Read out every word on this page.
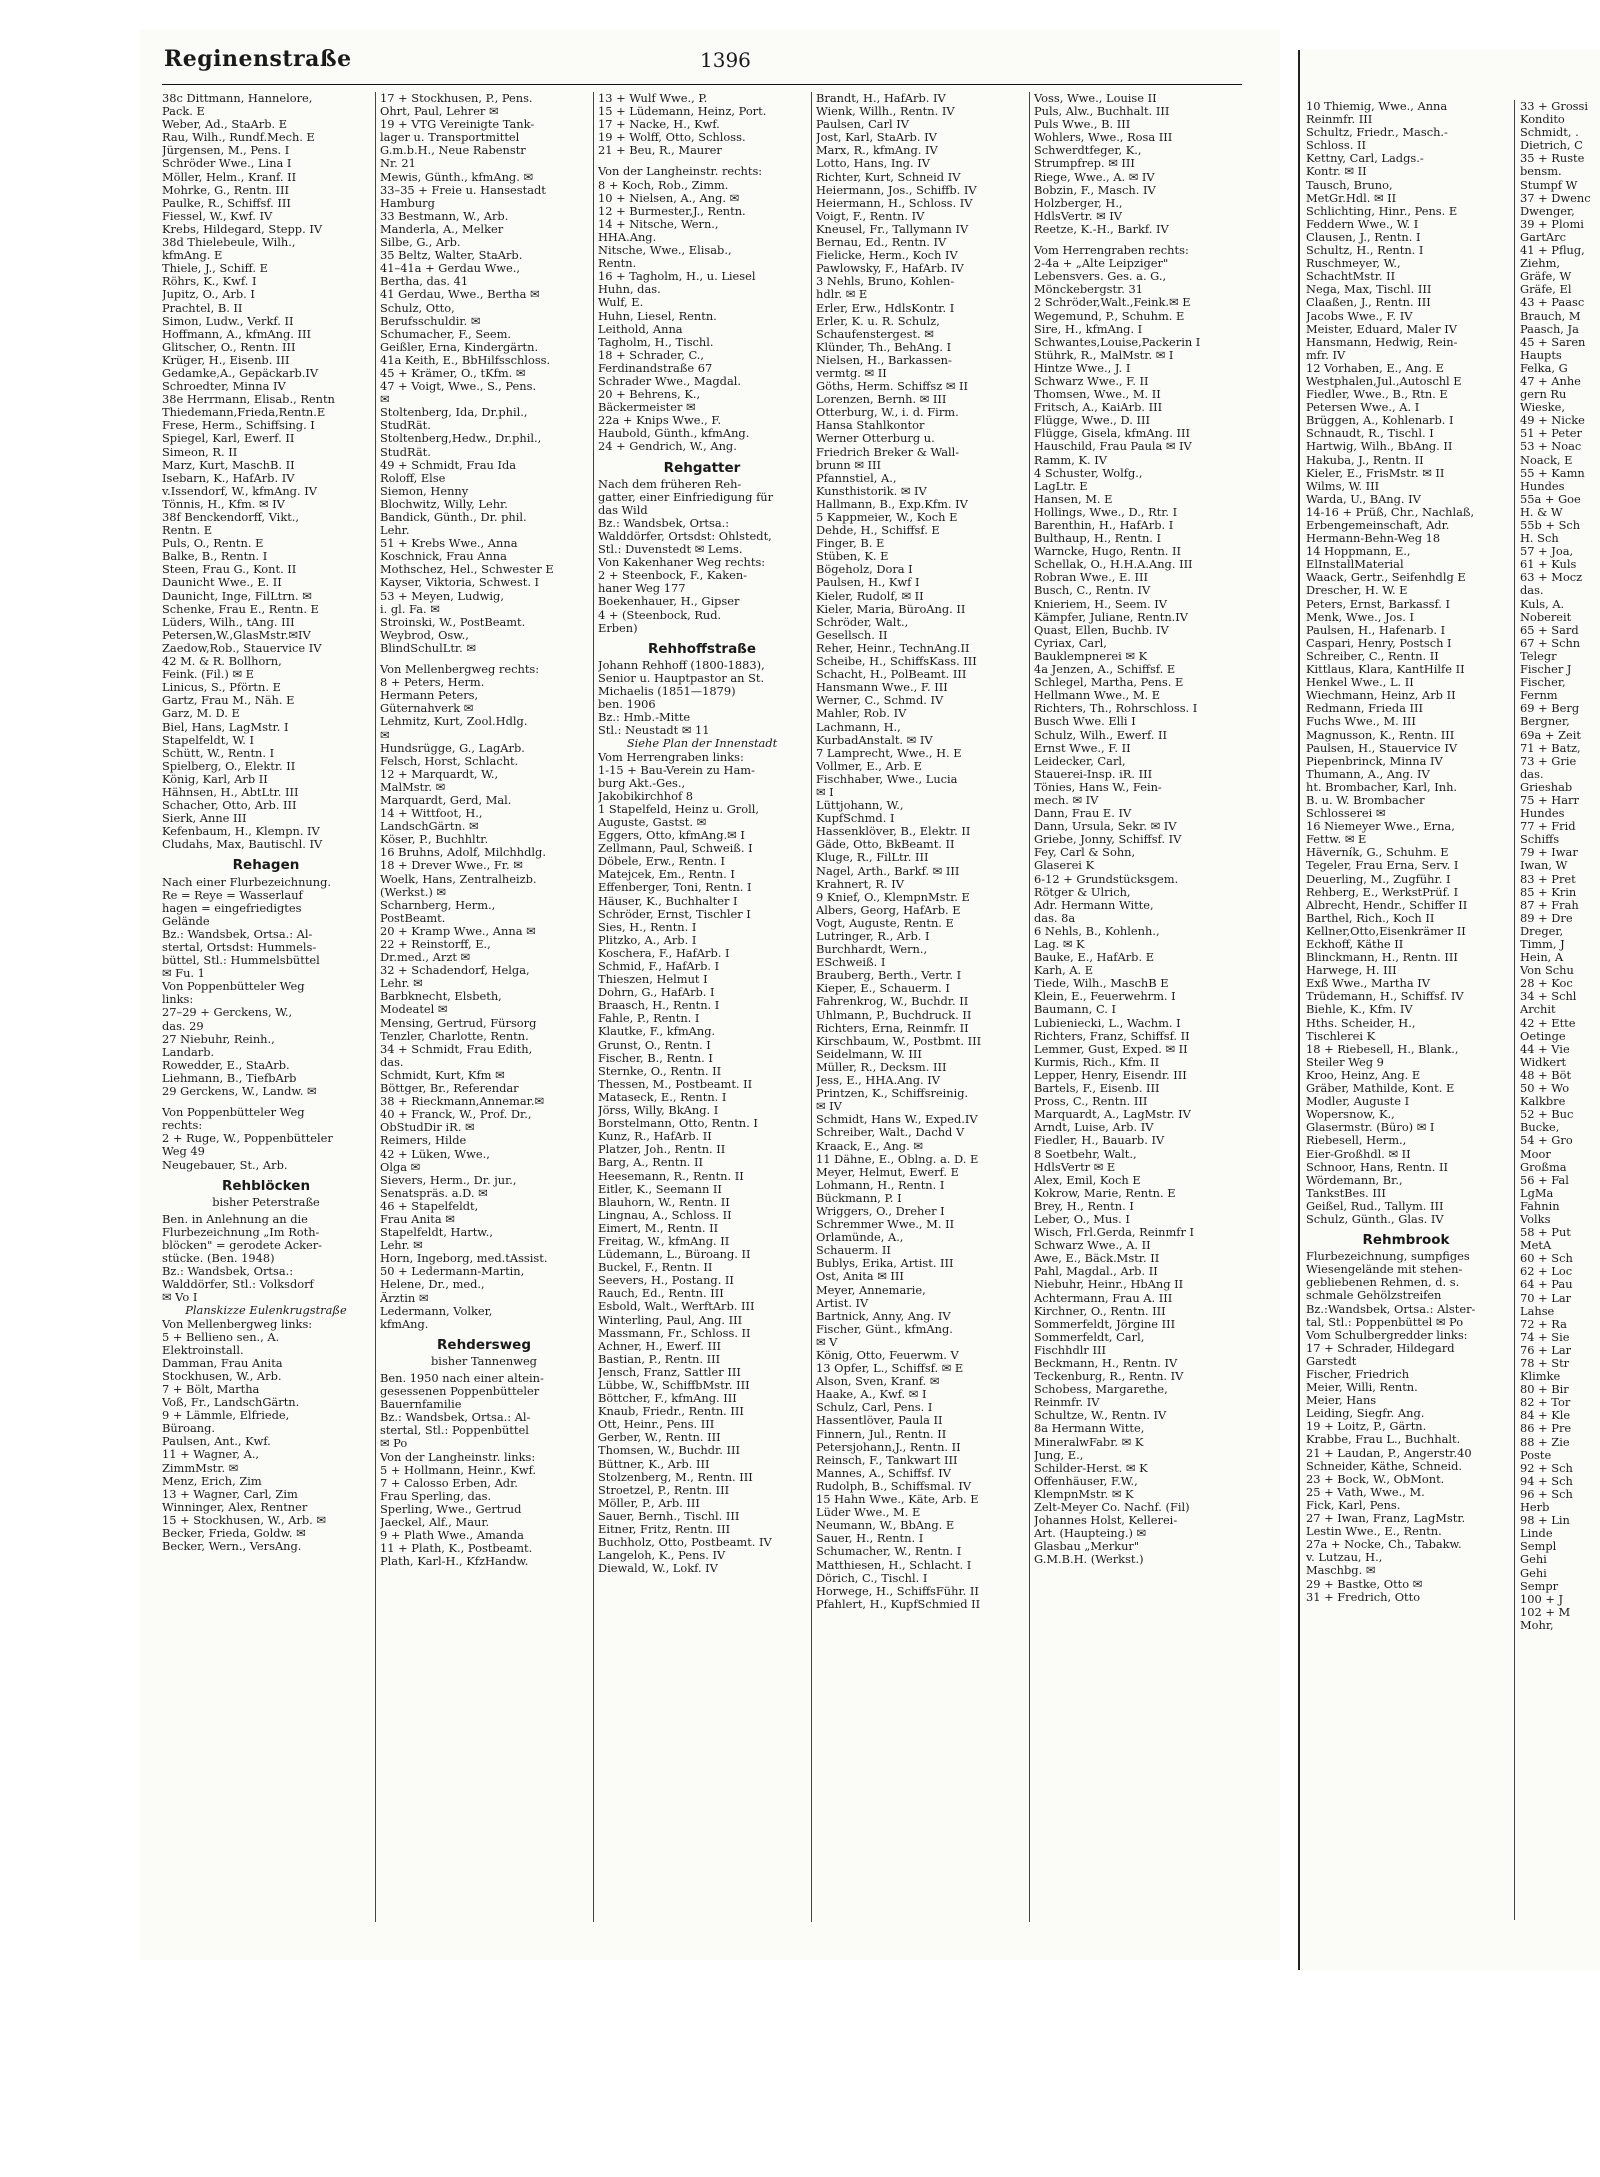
Reginenstraße	1396
38c Dittmann, Hannelore,
Pack. E
Weber, Ad., StaArb. E
Rau, Wilh., Rundf.Mech. E
Jürgensen, M., Pens. I
Schröder Wwe., Lina I
Möller, Helm., Kranf. II
Mohrke, G., Rentn. III
Paulke, R., Schiffsf. III
Fiessel, W., Kwf. IV
Krebs, Hildegard, Stepp. IV
38d Thielebeule, Wilh.,
kfmAng. E
Thiele, J., Schiff. E
Röhrs, K., Kwf. I
Jupitz, O., Arb. I
Prachtel, B. II
Simon, Ludw., Verkf. II
Hoffmann, A., kfmAng. III
Glitscher, O., Rentn. III
Krüger, H., Eisenb. III
Gedamke,A., Gepäckarb.IV
Schroedter, Minna IV
38e Herrmann, Elisab., Rentn
Thiedemann,Frieda,Rentn.E
Frese, Herm., Schiffsing. I
Spiegel, Karl, Ewerf. II
Simeon, R. II
Marz, Kurt, MaschB. II
Isebarn, K., HafArb. IV
v.Issendorf, W., kfmAng. IV
Tönnis, H., Kfm. ✉ IV
38f Benckendorff, Vikt.,
Rentn. E
Puls, O., Rentn. E
Balke, B., Rentn. I
Steen, Frau G., Kont. II
Daunicht Wwe., E. II
Daunicht, Inge, FilLtrn. ✉
Schenke, Frau E., Rentn. E
Lüders, Wilh., tAng. III
Petersen,W.,GlasMstr.✉IV
Zaedow,Rob., Stauervice IV
42 M. & R. Bollhorn,
Feink. (Fil.) ✉ E
Linicus, S., Pförtn. E
Gartz, Frau M., Näh. E
Garz, M. D. E
Biel, Hans, LagMstr. I
Stapelfeldt, W. I
Schütt, W., Rentn. I
Spielberg, O., Elektr. II
König, Karl, Arb II
Hähnsen, H., AbtLtr. III
Schacher, Otto, Arb. III
Sierk, Anne III
Kefenbaum, H., Klempn. IV
Cludahs, Max, Bautischl. IV
Rehagen
Nach einer Flurbezeichnung.
Re = Reye = Wasserlauf
hagen = eingefriedigtes
Gelände
Bz.: Wandsbek, Ortsa.: Al-
stertal, Ortsdst: Hummels-
büttel, Stl.: Hummelsbüttel
✉ Fu. 1
Von Poppenbütteler Weg
links:
27–29 + Gerckens, W.,
das. 29
27 Niebuhr, Reinh.,
Landarb.
Rowedder, E., StaArb.
Liehmann, B., TiefbArb
29 Gerckens, W., Landw. ✉
Von Poppenbütteler Weg
rechts:
2 + Ruge, W., Poppenbütteler
Weg 49
Neugebauer, St., Arb.
Rehblöcken
bisher Peterstraße
Ben. in Anlehnung an die
Flurbezeichnung „Im Roth-
blöcken" = gerodete Acker-
stücke. (Ben. 1948)
Bz.: Wandsbek, Ortsa.:
Walddörfer, Stl.: Volksdorf
✉ Vo I
Planskizze Eulenkrugstraße
Von Mellenbergweg links:
5 + Bellieno sen., A.
Elektroinstall.
Damman, Frau Anita
Stockhusen, W., Arb.
7 + Bölt, Martha
Voß, Fr., LandschGärtn.
9 + Lämmle, Elfriede,
Büroang.
Paulsen, Ant., Kwf.
11 + Wagner, A.,
ZimmMstr. ✉
Menz, Erich, Zim
13 + Wagner, Carl, Zim
Winninger, Alex, Rentner
15 + Stockhusen, W., Arb. ✉
Becker, Frieda, Goldw. ✉
Becker, Wern., VersAng.
17 + Stockhusen, P., Pens.
Ohrt, Paul, Lehrer ✉
19 + VTG Vereinigte Tank-
lager u. Transportmittel
G.m.b.H., Neue Rabenstr
Nr. 21
Mewis, Günth., kfmAng. ✉
33–35 + Freie u. Hansestadt
Hamburg
33 Bestmann, W., Arb.
Manderla, A., Melker
Silbe, G., Arb.
35 Beltz, Walter, StaArb.
41–41a + Gerdau Wwe.,
Bertha, das. 41
41 Gerdau, Wwe., Bertha ✉
Schulz, Otto,
Berufsschuldir. ✉
Schumacher, F., Seem.
Geißler, Erna, Kindergärtn.
41a Keith, E., BbHilfsschloss.
45 + Krämer, O., tKfm. ✉
47 + Voigt, Wwe., S., Pens.
✉
Stoltenberg, Ida, Dr.phil.,
StudRät.
Stoltenberg,Hedw., Dr.phil.,
StudRät.
49 + Schmidt, Frau Ida
Roloff, Else
Siemon, Henny
Blochwitz, Willy, Lehr.
Bandick, Günth., Dr. phil.
Lehr.
51 + Krebs Wwe., Anna
Koschnick, Frau Anna
Mothschez, Hel., Schwester E
Kayser, Viktoria, Schwest. I
53 + Meyen, Ludwig,
i. gl. Fa. ✉
Stroinski, W., PostBeamt.
Weybrod, Osw.,
BlindSchulLtr. ✉
Von Mellenbergweg rechts:
8 + Peters, Herm.
Hermann Peters,
Güternahverk ✉
Lehmitz, Kurt, Zool.Hdlg.
✉
Hundsrügge, G., LagArb.
Felsch, Horst, Schlacht.
12 + Marquardt, W.,
MalMstr. ✉
Marquardt, Gerd, Mal.
14 + Wittfoot, H.,
LandschGärtn. ✉
Köser, P., Buchhltr.
16 Bruhns, Adolf, Milchhdlg.
18 + Drever Wwe., Fr. ✉
Woelk, Hans, Zentralheizb.
(Werkst.) ✉
Scharnberg, Herm.,
PostBeamt.
20 + Kramp Wwe., Anna ✉
22 + Reinstorff, E.,
Dr.med., Arzt ✉
32 + Schadendorf, Helga,
Lehr. ✉
Barbknecht, Elsbeth,
Modeatel ✉
Mensing, Gertrud, Fürsorg
Tenzler, Charlotte, Rentn.
34 + Schmidt, Frau Edith,
das.
Schmidt, Kurt, Kfm ✉
Böttger, Br., Referendar
38 + Rieckmann,Annemar.✉
40 + Franck, W., Prof. Dr.,
ObStudDir iR. ✉
Reimers, Hilde
42 + Lüken, Wwe.,
Olga ✉
Sievers, Herm., Dr. jur.,
Senatspräs. a.D. ✉
46 + Stapelfeldt,
Frau Anita ✉
Stapelfeldt, Hartw.,
Lehr. ✉
Horn, Ingeborg, med.tAssist.
50 + Ledermann-Martin,
Helene, Dr., med.,
Ärztin ✉
Ledermann, Volker,
kfmAng.
Rehdersweg
bisher Tannenweg
Ben. 1950 nach einer altein-
gesessenen Poppenbütteler
Bauernfamilie
Bz.: Wandsbek, Ortsa.: Al-
stertal, Stl.: Poppenbüttel
✉ Po
Von der Langheinstr. links:
5 + Hollmann, Heinr., Kwf.
7 + Calosso Erben, Adr.
Frau Sperling, das.
Sperling, Wwe., Gertrud
Jaeckel, Alf., Maur.
9 + Plath Wwe., Amanda
11 + Plath, K., Postbeamt.
Plath, Karl-H., KfzHandw.
13 + Wulf Wwe., P.
15 + Lüdemann, Heinz, Port.
17 + Nacke, H., Kwf.
19 + Wolff, Otto, Schloss.
21 + Beu, R., Maurer
Von der Langheinstr. rechts:
8 + Koch, Rob., Zimm.
10 + Nielsen, A., Ang. ✉
12 + Burmester,J., Rentn.
14 + Nitsche, Wern.,
HHA.Ang.
Nitsche, Wwe., Elisab.,
Rentn.
16 + Tagholm, H., u. Liesel
Huhn, das.
Wulf, E.
Huhn, Liesel, Rentn.
Leithold, Anna
Tagholm, H., Tischl.
18 + Schrader, C.,
Ferdinandstraße 67
Schrader Wwe., Magdal.
20 + Behrens, K.,
Bäckermeister ✉
22a + Knips Wwe., F.
Haubold, Günth., kfmAng.
24 + Gendrich, W., Ang.
Rehgatter
Nach dem früheren Reh-
gatter, einer Einfriedigung für
das Wild
Bz.: Wandsbek, Ortsa.:
Walddörfer, Ortsdst: Ohlstedt,
Stl.: Duvenstedt ✉ Lems.
Von Kakenhaner Weg rechts:
2 + Steenbock, F., Kaken-
haner Weg 177
Boekenhauer, H., Gipser
4 + (Steenbock, Rud.
Erben)
Rehhoffstraße
Johann Rehhoff (1800-1883),
Senior u. Hauptpastor an St.
Michaelis (1851—1879)
ben. 1906
Bz.: Hmb.-Mitte
Stl.: Neustadt ✉ 11
Siehe Plan der Innenstadt
Vom Herrengraben links:
1-15 + Bau-Verein zu Ham-
burg Akt.-Ges.,
Jakobikirchhof 8
1 Stapelfeld, Heinz u. Groll,
Auguste, Gastst. ✉
Eggers, Otto, kfmAng.✉ I
Zellmann, Paul, Schweiß. I
Döbele, Erw., Rentn. I
Matejcek, Em., Rentn. I
Effenberger, Toni, Rentn. I
Häuser, K., Buchhalter I
Schröder, Ernst, Tischler I
Sies, H., Rentn. I
Plitzko, A., Arb. I
Koschera, F., HafArb. I
Schmid, F., HafArb. I
Thieszen, Helmut I
Dohrn, G., HafArb. I
Braasch, H., Rentn. I
Fahle, P., Rentn. I
Klautke, F., kfmAng.
Grunst, O., Rentn. I
Fischer, B., Rentn. I
Sternke, O., Rentn. II
Thessen, M., Postbeamt. II
Mataseck, E., Rentn. I
Jörss, Willy, BkAng. I
Borstelmann, Otto, Rentn. I
Kunz, R., HafArb. II
Platzer, Joh., Rentn. II
Barg, A., Rentn. II
Heesemann, R., Rentn. II
Eitler, K., Seemann II
Blauhorn, W., Rentn. II
Lingnau, A., Schloss. II
Eimert, M., Rentn. II
Freitag, W., kfmAng. II
Lüdemann, L., Büroang. II
Buckel, F., Rentn. II
Seevers, H., Postang. II
Rauch, Ed., Rentn. III
Esbold, Walt., WerftArb. III
Winterling, Paul, Ang. III
Massmann, Fr., Schloss. II
Achner, H., Ewerf. III
Bastian, P., Rentn. III
Jensch, Franz, Sattler III
Lübbe, W., SchiffbMstr. III
Böttcher, F., kfmAng. III
Knaub, Friedr., Rentn. III
Ott, Heinr., Pens. III
Gerber, W., Rentn. III
Thomsen, W., Buchdr. III
Büttner, K., Arb. III
Stolzenberg, M., Rentn. III
Stroetzel, P., Rentn. III
Möller, P., Arb. III
Sauer, Bernh., Tischl. III
Eitner, Fritz, Rentn. III
Buchholz, Otto, Postbeamt. IV
Langeloh, K., Pens. IV
Diewald, W., Lokf. IV
Brandt, H., HafArb. IV
Wienk, Willh., Rentn. IV
Paulsen, Carl IV
Jost, Karl, StaArb. IV
Marx, R., kfmAng. IV
Lotto, Hans, Ing. IV
Richter, Kurt, Schneid IV
Heiermann, Jos., Schiffb. IV
Heiermann, H., Schloss. IV
Voigt, F., Rentn. IV
Kneusel, Fr., Tallymann IV
Bernau, Ed., Rentn. IV
Fielicke, Herm., Koch IV
Pawlowsky, F., HafArb. IV
3 Nehls, Bruno, Kohlen-
hdlr. ✉ E
Erler, Erw., HdlsKontr. I
Erler, K. u. R. Schulz,
Schaufenstergest. ✉
Klünder, Th., BehAng. I
Nielsen, H., Barkassen-
vermtg. ✉ II
Göths, Herm. Schiffsz ✉ II
Lorenzen, Bernh. ✉ III
Otterburg, W., i. d. Firm.
Hansa Stahlkontor
Werner Otterburg u.
Friedrich Breker & Wall-
brunn ✉ III
Pfannstiel, A.,
Kunsthistorik. ✉ IV
Hallmann, B., Exp.Kfm. IV
5 Kappmeier, W., Koch E
Dehde, H., Schiffsf. E
Finger, B. E
Stüben, K. E
Bögeholz, Dora I
Paulsen, H., Kwf I
Kieler, Rudolf, ✉ II
Kieler, Maria, BüroAng. II
Schröder, Walt.,
Gesellsch. II
Reher, Heinr., TechnAng.II
Scheibe, H., SchiffsKass. III
Schacht, H., PolBeamt. III
Hansmann Wwe., F. III
Werner, C., Schmd. IV
Mahler, Rob. IV
Lachmann, H.,
KurbadAnstalt. ✉ IV
7 Lamprecht, Wwe., H. E
Vollmer, E., Arb. E
Fischhaber, Wwe., Lucia
✉ I
Lüttjohann, W.,
KupfSchmd. I
Hassenklöver, B., Elektr. II
Gäde, Otto, BkBeamt. II
Kluge, R., FilLtr. III
Nagel, Arth., Barkf. ✉ III
Krahnert, R. IV
9 Knief, O., KlempnMstr. E
Albers, Georg, HafArb. E
Vogt, Auguste, Rentn. E
Lutringer, R., Arb. I
Burchhardt, Wern.,
ESchweiß. I
Brauberg, Berth., Vertr. I
Kieper, E., Schauerm. I
Fahrenkrog, W., Buchdr. II
Uhlmann, P., Buchdruck. II
Richters, Erna, Reinmfr. II
Kirschbaum, W., Postbmt. III
Seidelmann, W. III
Müller, R., Decksm. III
Jess, E., HHA.Ang. IV
Printzen, K., Schiffsreinig.
✉ IV
Schmidt, Hans W., Exped.IV
Schreiber, Walt., Dachd V
Kraack, E., Ang. ✉
11 Dähne, E., Oblng. a. D. E
Meyer, Helmut, Ewerf. E
Lohmann, H., Rentn. I
Bückmann, P. I
Wriggers, O., Dreher I
Schremmer Wwe., M. II
Orlamünde, A.,
Schauerm. II
Bublys, Erika, Artist. III
Ost, Anita ✉ III
Meyer, Annemarie,
Artist. IV
Bartnick, Anny, Ang. IV
Fischer, Günt., kfmAng.
✉ V
König, Otto, Feuerwm. V
13 Opfer, L., Schiffsf. ✉ E
Alson, Sven, Kranf. ✉
Haake, A., Kwf. ✉ I
Schulz, Carl, Pens. I
Hassentlöver, Paula II
Finnern, Jul., Rentn. II
Petersjohann,J., Rentn. II
Reinsch, F., Tankwart III
Mannes, A., Schiffsf. IV
Rudolph, B., Schiffsmal. IV
15 Hahn Wwe., Käte, Arb. E
Lüder Wwe., M. E
Neumann, W., BbAng. E
Sauer, H., Rentn. I
Schumacher, W., Rentn. I
Matthiesen, H., Schlacht. I
Dörich, C., Tischl. I
Horwege, H., SchiffsFühr. II
Pfahlert, H., KupfSchmied II
Voss, Wwe., Louise II
Puls, Alw., Buchhalt. III
Puls Wwe., B. III
Wohlers, Wwe., Rosa III
Schwerdtfeger, K.,
Strumpfrep. ✉ III
Riege, Wwe., A. ✉ IV
Bobzin, F., Masch. IV
Holzberger, H.,
HdlsVertr. ✉ IV
Reetze, K.-H., Barkf. IV
Vom Herrengraben rechts:
2-4a + „Alte Leipziger"
Lebensvers. Ges. a. G.,
Mönckebergstr. 31
2 Schröder,Walt.,Feink.✉ E
Wegemund, P., Schuhm. E
Sire, H., kfmAng. I
Schwantes,Louise,Packerin I
Stührk, R., MalMstr. ✉ I
Hintze Wwe., J. I
Schwarz Wwe., F. II
Thomsen, Wwe., M. II
Fritsch, A., KaiArb. III
Flügge, Wwe., D. III
Flügge, Gisela, kfmAng. III
Hauschild, Frau Paula ✉ IV
Ramm, K. IV
4 Schuster, Wolfg.,
LagLtr. E
Hansen, M. E
Hollings, Wwe., D., Rtr. I
Barenthin, H., HafArb. I
Bulthaup, H., Rentn. I
Warncke, Hugo, Rentn. II
Schellak, O., H.H.A.Ang. III
Robran Wwe., E. III
Busch, C., Rentn. IV
Knieriem, H., Seem. IV
Kämpfer, Juliane, Rentn.IV
Quast, Ellen, Buchb. IV
Cyriax, Carl,
Bauklempnerei ✉ K
4a Jenzen, A., Schiffsf. E
Schlegel, Martha, Pens. E
Hellmann Wwe., M. E
Richters, Th., Rohrschloss. I
Busch Wwe. Elli I
Schulz, Wilh., Ewerf. II
Ernst Wwe., F. II
Leidecker, Carl,
Stauerei-Insp. iR. III
Tönies, Hans W., Fein-
mech. ✉ IV
Dann, Frau E. IV
Dann, Ursula, Sekr. ✉ IV
Griebe, Jonny, Schiffsf. IV
Fey, Carl & Sohn,
Glaserei K
6-12 + Grundstücksgem.
Rötger & Ulrich,
Adr. Hermann Witte,
das. 8a
6 Nehls, B., Kohlenh.,
Lag. ✉ K
Bauke, E., HafArb. E
Karh, A. E
Tiede, Wilh., MaschB E
Klein, E., Feuerwehrm. I
Baumann, C. I
Lubieniecki, L., Wachm. I
Richters, Franz, Schiffsf. II
Lemmer, Gust, Exped. ✉ II
Kurmis, Rich., Kfm. II
Lepper, Henry, Eisendr. III
Bartels, F., Eisenb. III
Pross, C., Rentn. III
Marquardt, A., LagMstr. IV
Arndt, Luise, Arb. IV
Fiedler, H., Bauarb. IV
8 Soetbehr, Walt.,
HdlsVertr ✉ E
Alex, Emil, Koch E
Kokrow, Marie, Rentn. E
Brey, H., Rentn. I
Leber, O., Mus. I
Wisch, Frl.Gerda, Reinmfr I
Schwarz Wwe., A. II
Awe, E., Bäck.Mstr. II
Pahl, Magdal., Arb. II
Niebuhr, Heinr., HbAng II
Achtermann, Frau A. III
Kirchner, O., Rentn. III
Sommerfeldt, Jörgine III
Sommerfeldt, Carl,
Fischhdlr III
Beckmann, H., Rentn. IV
Teckenburg, R., Rentn. IV
Schobess, Margarethe,
Reinmfr. IV
Schultze, W., Rentn. IV
8a Hermann Witte,
MineralwFabr. ✉ K
Jung, E.,
Schilder-Herst. ✉ K
Offenhäuser, F.W.,
KlempnMstr. ✉ K
Zelt-Meyer Co. Nachf. (Fil)
Johannes Holst, Kellerei-
Art. (Haupteing.) ✉
Glasbau „Merkur"
G.M.B.H. (Werkst.)
10 Thiemig, Wwe., Anna
Reinmfr. III
Schultz, Friedr., Masch.-
Schloss. II
Kettny, Carl, Ladgs.-
Kontr. ✉ II
Tausch, Bruno,
MetGr.Hdl. ✉ II
Schlichting, Hinr., Pens. E
Feddern Wwe., W. I
Clausen, J., Rentn. I
Schultz, H., Rentn. I
Ruschmeyer, W.,
SchachtMstr. II
Nega, Max, Tischl. III
Claaßen, J., Rentn. III
Jacobs Wwe., F. IV
Meister, Eduard, Maler IV
Hansmann, Hedwig, Rein-
mfr. IV
12 Vorhaben, E., Ang. E
Westphalen,Jul.,Autoschl E
Fiedler, Wwe., B., Rtn. E
Petersen Wwe., A. I
Brüggen, A., Kohlenarb. I
Schnaudt, R., Tischl. I
Hartwig, Wilh., BbAng. II
Hakuba, J., Rentn. II
Kieler, E., FrisMstr. ✉ II
Wilms, W. III
Warda, U., BAng. IV
14-16 + Prüß, Chr., Nachlaß,
Erbengemeinschaft, Adr.
Hermann-Behn-Weg 18
14 Hoppmann, E.,
ElInstallMaterial
Waack, Gertr., Seifenhdlg E
Drescher, H. W. E
Peters, Ernst, Barkassf. I
Menk, Wwe., Jos. I
Paulsen, H., Hafenarb. I
Caspari, Henry, Postsch I
Schreiber, C., Rentn. II
Kittlaus, Klara, KantHilfe II
Henkel Wwe., L. II
Wiechmann, Heinz, Arb II
Redmann, Frieda III
Fuchs Wwe., M. III
Magnusson, K., Rentn. III
Paulsen, H., Stauervice IV
Piepenbrinck, Minna IV
Thumann, A., Ang. IV
ht. Brombacher, Karl, Inh.
B. u. W. Brombacher
Schlosserei ✉
16 Niemeyer Wwe., Erna,
Fettw. ✉ E
Häverník, G., Schuhm. E
Tegeler, Frau Erna, Serv. I
Deuerling, M., Zugführ. I
Rehberg, E., WerkstPrüf. I
Albrecht, Hendr., Schiffer II
Barthel, Rich., Koch II
Kellner,Otto,Eisenkrämer II
Eckhoff, Käthe II
Blinckmann, H., Rentn. III
Harwege, H. III
Exß Wwe., Martha IV
Trüdemann, H., Schiffsf. IV
Biehle, K., Kfm. IV
Hths. Scheider, H.,
Tischlerei K
18 + Riebesell, H., Blank.,
Steiler Weg 9
Kroo, Heinz, Ang. E
Gräber, Mathilde, Kont. E
Modler, Auguste I
Wopersnow, K.,
Glasermstr. (Büro) ✉ I
Riebesell, Herm.,
Eier-Großhdl. ✉ II
Schnoor, Hans, Rentn. II
Wördemann, Br.,
TankstBes. III
Geißel, Rud., Tallym. III
Schulz, Günth., Glas. IV
Rehmbrook
Flurbezeichnung, sumpfiges
Wiesengelände mit stehen-
gebliebenen Rehmen, d. s.
schmale Gehölzstreifen
Bz.:Wandsbek, Ortsa.: Alster-
tal, Stl.: Poppenbüttel ✉ Po
Vom Schulbergredder links:
17 + Schrader, Hildegard
Garstedt
Fischer, Friedrich
Meier, Willi, Rentn.
Meier, Hans
Leiding, Siegfr. Ang.
19 + Loitz, P., Gärtn.
Krabbe, Frau L., Buchhalt.
21 + Laudan, P., Angerstr.40
Schneider, Käthe, Schneid.
23 + Bock, W., ObMont.
25 + Vath, Wwe., M.
Fick, Karl, Pens.
27 + Iwan, Franz, LagMstr.
Lestin Wwe., E., Rentn.
27a + Nocke, Ch., Tabakw.
v. Lutzau, H.,
Maschbg. ✉
29 + Bastke, Otto ✉
31 + Fredrich, Otto
33 + Grossi
Kondito
Schmidt, .
Dietrich, C
35 + Ruste
bensm.
Stumpf W
37 + Dwenc
Dwenger,
39 + Plomi
GartArc
41 + Pflug,
Ziehm,
Gräfe, W
Gräfe, El
43 + Paasc
Brauch, M
Paasch, Ja
45 + Saren
Haupts
Felka, G
47 + Anhe
gern Ru
Wieske,
49 + Nicke
51 + Peter
53 + Noac
Noack, E
55 + Kamn
Hundes
55a + Goe
H. & W
55b + Sch
H. Sch
57 + Joa,
61 + Kuls
63 + Mocz
das.
Kuls, A.
Nobereit
65 + Sard
67 + Schn
Telegr
Fischer J
Fischer,
Fernm
69 + Berg
Bergner,
69a + Zeit
71 + Batz,
73 + Grie
das.
Grieshab
75 + Harr
Hundes
77 + Frid
Schiffs
79 + Iwar
Iwan, W
83 + Pret
85 + Krin
87 + Frah
89 + Dre
Dreger,
Timm, J
Hein, A
Von Schu
28 + Koc
34 + Schl
Archit
42 + Ette
Oetinge
44 + Vie
Widkert
48 + Böt
50 + Wo
Kalkbre
52 + Buc
Bucke,
54 + Gro
Moor
Großma
56 + Fal
LgMa
Fahnin
Volks
58 + Put
MetA
60 + Sch
62 + Loc
64 + Pau
70 + Lar
Lahse
72 + Ra
74 + Sie
76 + Lar
78 + Str
Klimke
80 + Bir
82 + Tor
84 + Kle
86 + Pre
88 + Zie
Poste
92 + Sch
94 + Sch
96 + Sch
Herb
98 + Lin
Linde
Sempl
Gehi
Gehi
Sempr
100 + J
102 + M
Mohr,
